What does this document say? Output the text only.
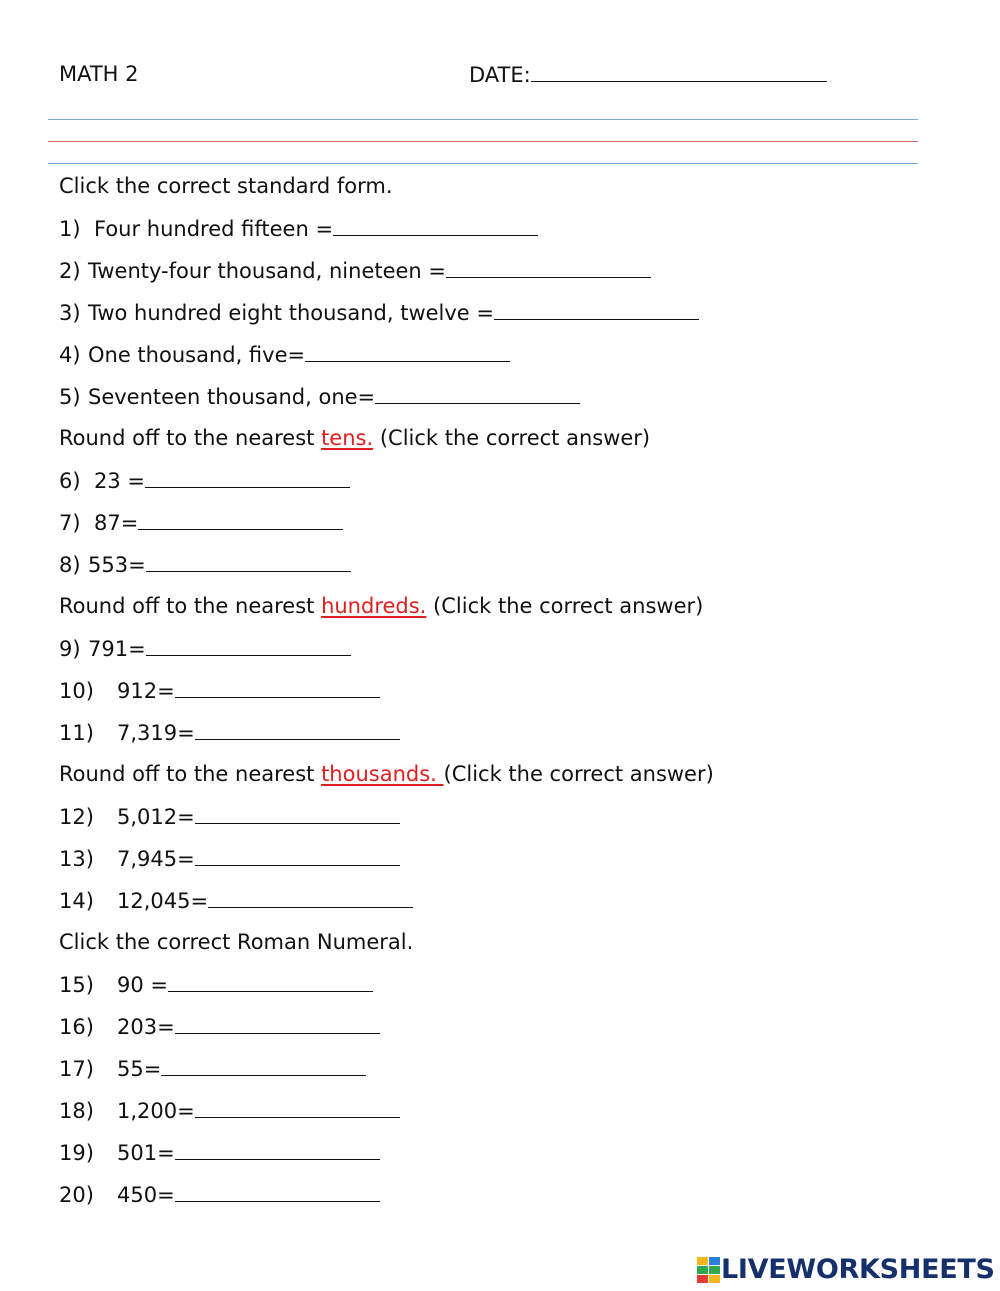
MATH 2	DATE:
Click the correct standard form.
1) Four hundred fifteen =
2) Twenty-four thousand, nineteen =
3) Two hundred eight thousand, twelve =
4) One thousand, five=
5) Seventeen thousand, one=
Round off to the nearest tens. (Click the correct answer)
6) 23 =
7) 87=
8) 553=
Round off to the nearest hundreds. (Click the correct answer)
9) 791=
10) 912=
11) 7,319=
Round off to the nearest thousands. (Click the correct answer)
12) 5,012=
13) 7,945=
14) 12,045=
Click the correct Roman Numeral.
15) 90 =
16) 203=
17) 55=
18) 1,200=
19) 501=
20) 450=
LIVEWORKSHEETS
